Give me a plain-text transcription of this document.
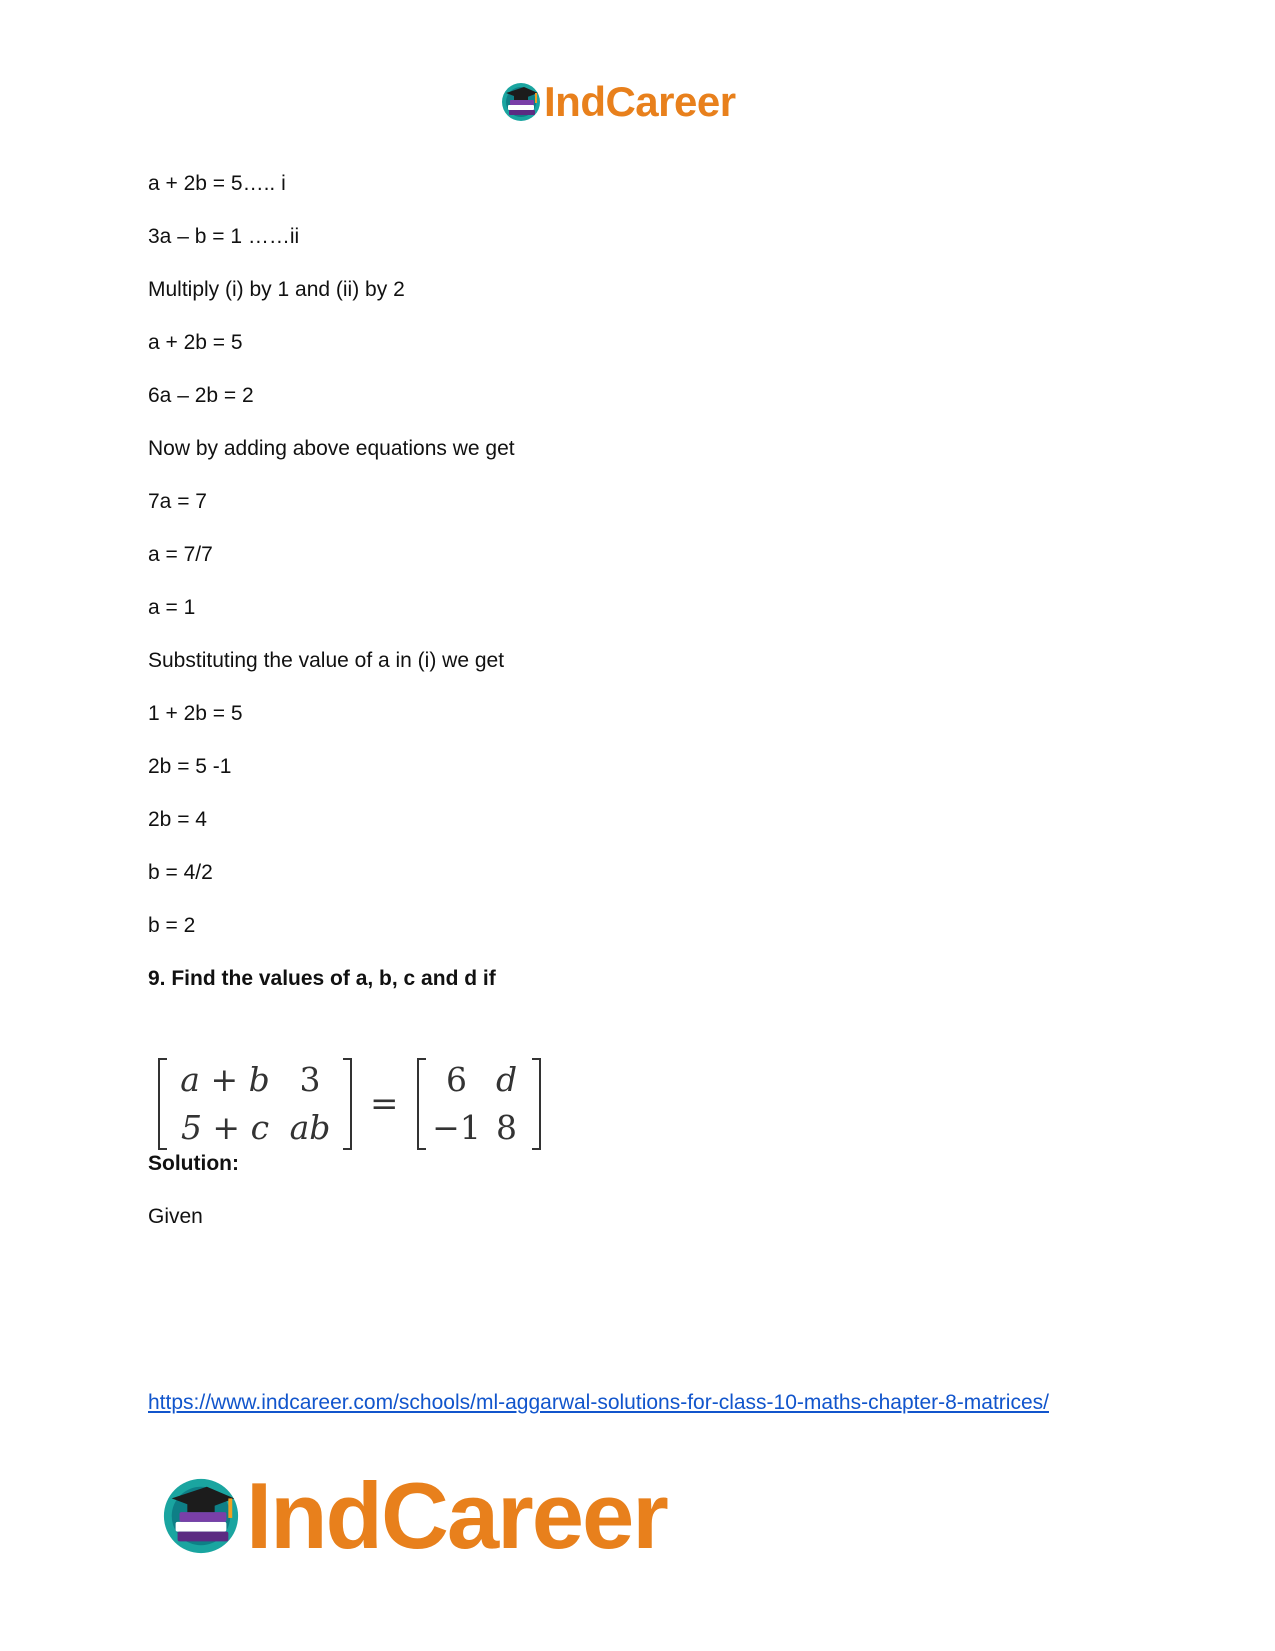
IndCareer
a + 2b = 5….. i
3a – b = 1 ……ii
Multiply (i) by 1 and (ii) by 2
a + 2b = 5
6a – 2b = 2
Now by adding above equations we get
7a = 7
a = 7/7
a = 1
Substituting the value of a in (i) we get
1 + 2b = 5
2b = 5 -1
2b = 4
b = 4/2
b = 2
9. Find the values of a, b, c and d if
a + b 3
5 + c ab
=
6 d
−1 8
Solution:
Given
https://www.indcareer.com/schools/ml-aggarwal-solutions-for-class-10-maths-chapter-8-matrices/
IndCareer
